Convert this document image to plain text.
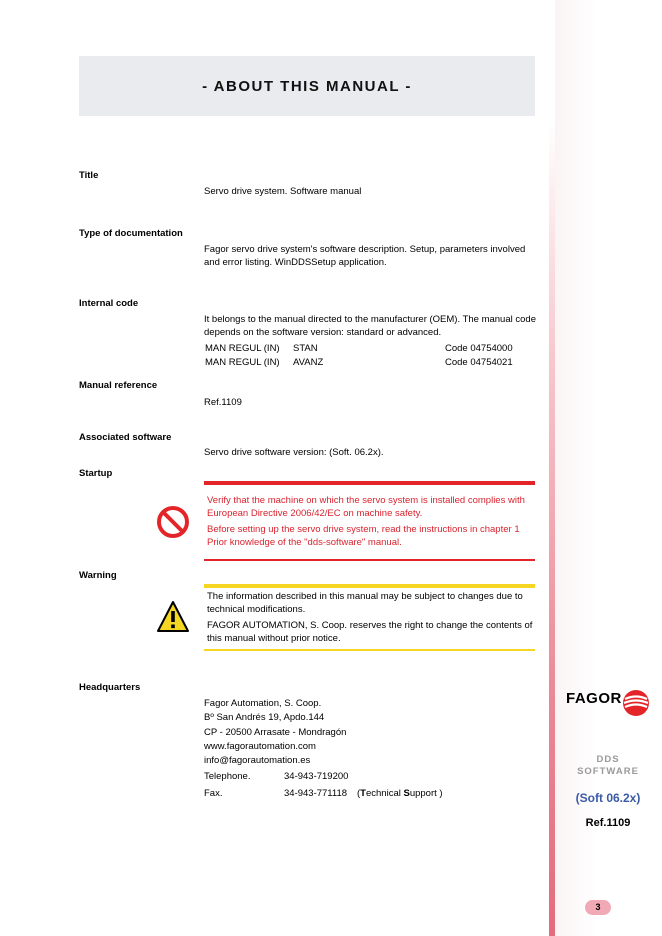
- ABOUT THIS MANUAL -
Title
Servo drive system. Software manual
Type of documentation
Fagor servo drive system's software description. Setup, parameters involved and error listing. WinDDSSetup application.
Internal code
It belongs to the manual directed to the manufacturer (OEM). The manual code depends on the software version: standard or advanced.
MAN REGUL (IN) STAN	Code 04754000
MAN REGUL (IN) AVANZ	Code 04754021
Manual reference
Ref.1109
Associated software
Servo drive software version: (Soft. 06.2x).
Startup
Verify that the machine on which the servo system is installed complies with European Directive 2006/42/EC on machine safety.
Before setting up the servo drive system, read the instructions in chapter 1 Prior knowledge of the "dds-software" manual.
Warning
The information described in this manual may be subject to changes due to technical modifications.
FAGOR AUTOMATION, S. Coop. reserves the right to change the contents of this manual without prior notice.
Headquarters
Fagor Automation, S. Coop.
Bº San Andrés 19, Apdo.144
CP - 20500 Arrasate - Mondragón
www.fagorautomation.com
info@fagorautomation.es
Telephone.	34-943-719200
Fax.	34-943-771118 (Technical Support )
FAGOR
DDS
SOFTWARE
(Soft 06.2x)
Ref.1109
3
